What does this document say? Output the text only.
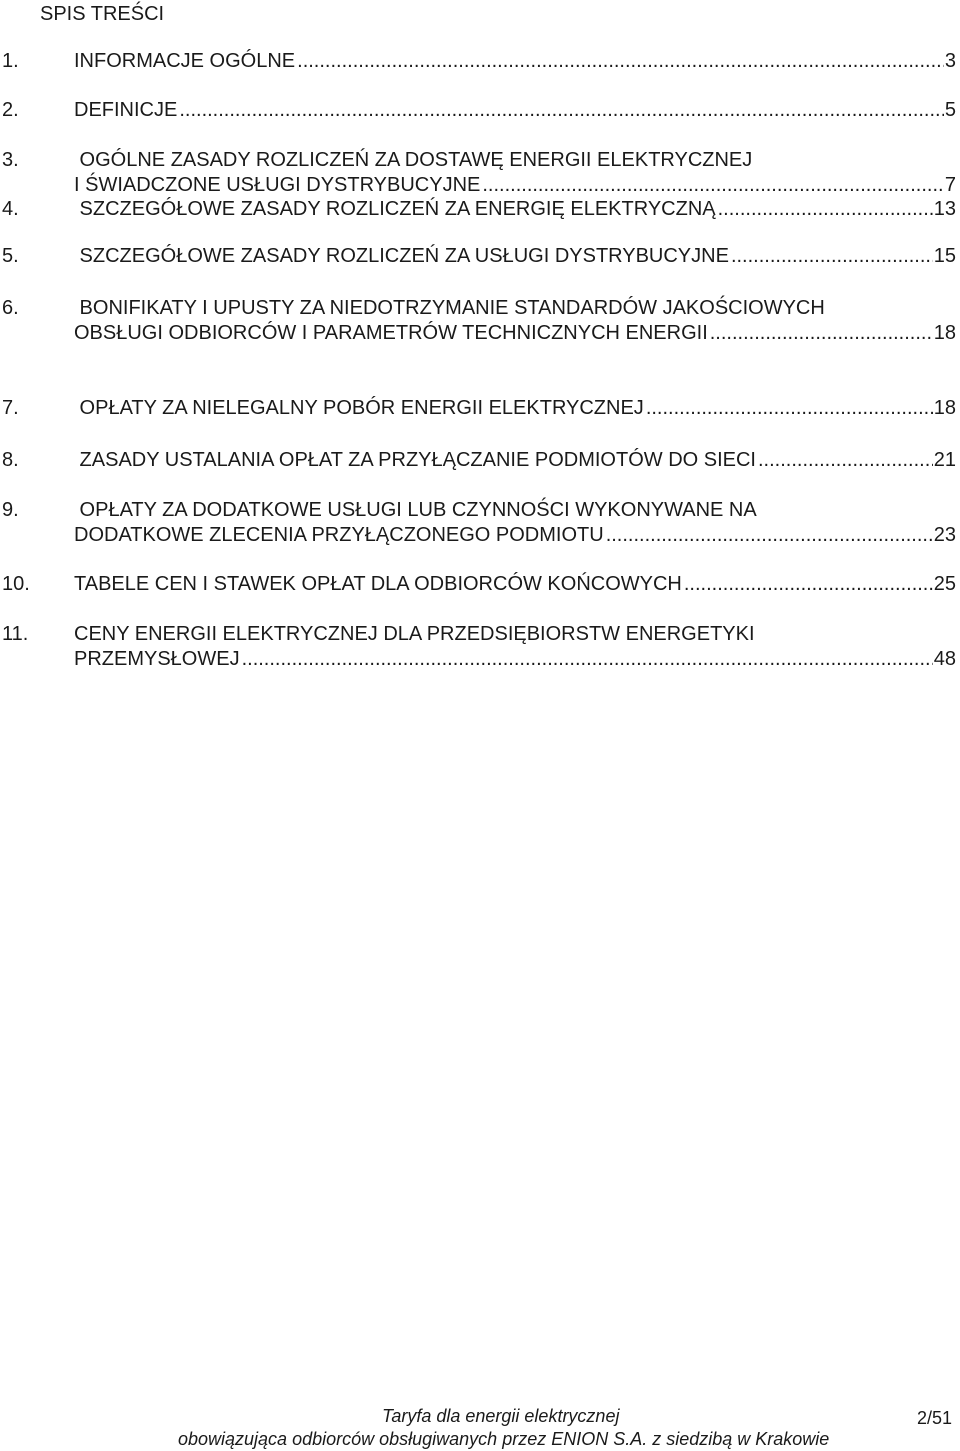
SPIS TREŚCI
1.	INFORMACJE OGÓLNE .....	3
2.	DEFINICJE .....	5
3.	OGÓLNE ZASADY ROZLICZEŃ ZA DOSTAWĘ ENERGII ELEKTRYCZNEJ
I ŚWIADCZONE USŁUGI DYSTRYBUCYJNE .....	7
4.	SZCZEGÓŁOWE ZASADY ROZLICZEŃ ZA ENERGIĘ ELEKTRYCZNĄ .....	13
5.	SZCZEGÓŁOWE ZASADY ROZLICZEŃ ZA USŁUGI DYSTRYBUCYJNE .....	15
6.	BONIFIKATY I UPUSTY ZA NIEDOTRZYMANIE STANDARDÓW JAKOŚCIOWYCH
OBSŁUGI ODBIORCÓW I PARAMETRÓW TECHNICZNYCH ENERGII .....	18
7.	OPŁATY ZA NIELEGALNY POBÓR ENERGII ELEKTRYCZNEJ .....	18
8.	ZASADY USTALANIA OPŁAT ZA PRZYŁĄCZANIE PODMIOTÓW DO SIECI .....	21
9.	OPŁATY ZA DODATKOWE USŁUGI LUB CZYNNOŚCI WYKONYWANE NA
DODATKOWE ZLECENIA PRZYŁĄCZONEGO PODMIOTU .....	23
10. TABELE CEN I STAWEK OPŁAT DLA ODBIORCÓW KOŃCOWYCH .....	25
11. CENY ENERGII ELEKTRYCZNEJ DLA PRZEDSIĘBIORSTW ENERGETYKI
PRZEMYSŁOWEJ .....	48
Taryfa dla energii elektrycznej
obowiązująca odbiorców obsługiwanych przez ENION S.A. z siedzibą w Krakowie
2/51
